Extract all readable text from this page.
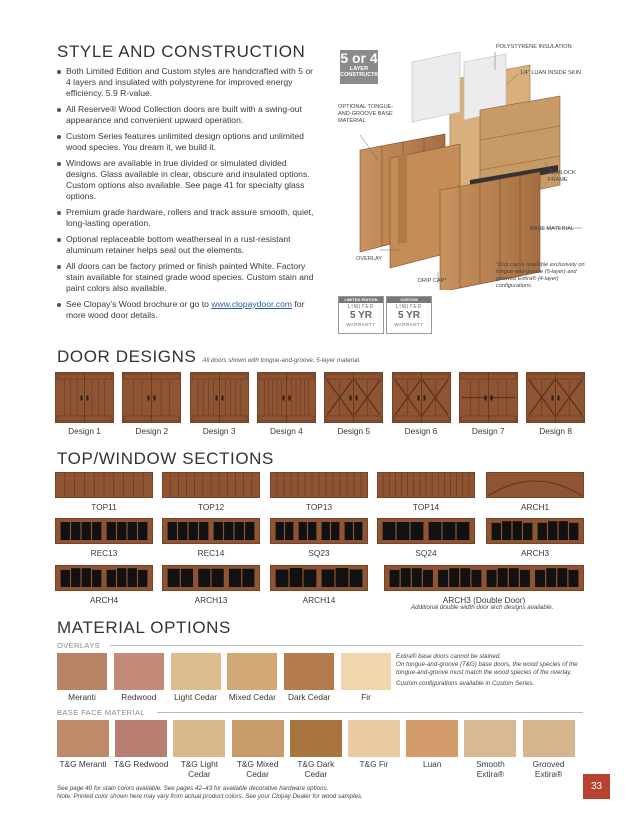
STYLE AND CONSTRUCTION
Both Limited Edition and Custom styles are handcrafted with 5 or 4 layers and insulated with polystyrene for improved energy efficiency. 5.9 R-value.
All Reserve® Wood Collection doors are built with a swing-out appearance and convenient upward operation.
Custom Series features unlimited design options and unlimited wood species. You dream it, we build it.
Windows are available in true divided or simulated divided designs. Glass available in clear, obscure and insulated options. Custom options also available. See page 41 for specialty glass options.
Premium grade hardware, rollers and track assure smooth, quiet, long-lasting operation.
Optional replaceable bottom weatherseal in a rust-resistant aluminum retainer helps seal out the elements.
All doors can be factory primed or finish painted White. Factory stain available for stained grade wood species. Custom stain and paint colors also available.
See Clopay's Wood brochure or go to www.clopaydoor.com for more wood door details.
5 or 4
LAYER
CONSTRUCTION
POLYSTYRENE INSULATION
1/4" LUAN INSIDE SKIN
OPTIONAL TONGUE-AND-GROOVE BASE MATERIAL
HEMLOCK FRAME
BASE MATERIAL
OVERLAY
DRIP CAP*
*Drip cap is available exclusively on tongue-and-groove (5-layer) and grooved Extira® (4-layer) configurations.
LIMITED EDITION
LIMITED
5 YR
WARRANTY
CUSTOM
LIMITED
5 YR
WARRANTY
DOOR DESIGNS All doors shown with tongue-and-groove, 5-layer material.
Design 1	Design 2	Design 3	Design 4	Design 5	Design 6	Design 7	Design 8
TOP/WINDOW SECTIONS
TOP11	TOP12	TOP13	TOP14	ARCH1
REC13	REC14	SQ23	SQ24	ARCH3
ARCH4	ARCH13	ARCH14	ARCH3 (Double Door)
Additional double width door arch designs available.
MATERIAL OPTIONS
OVERLAYS
Meranti	Redwood	Light Cedar	Mixed Cedar	Dark Cedar	Fir
Extira® base doors cannot be stained.
On tongue-and-groove (T&G) base doors, the wood species of the tongue-and-groove must match the wood species of the overlay.
Custom configurations available in Custom Series.
BASE FACE MATERIAL
T&G Meranti T&G Redwood	T&G Light Cedar
T&G Mixed Cedar
T&G Dark Cedar
T&G Fir	Luan	Smooth Extira®
Grooved Extira®
See page 40 for stain colors available. See pages 42–43 for available decorative hardware options.
Note: Printed color shown here may vary from actual product colors. See your Clopay Dealer for wood samples.
33
